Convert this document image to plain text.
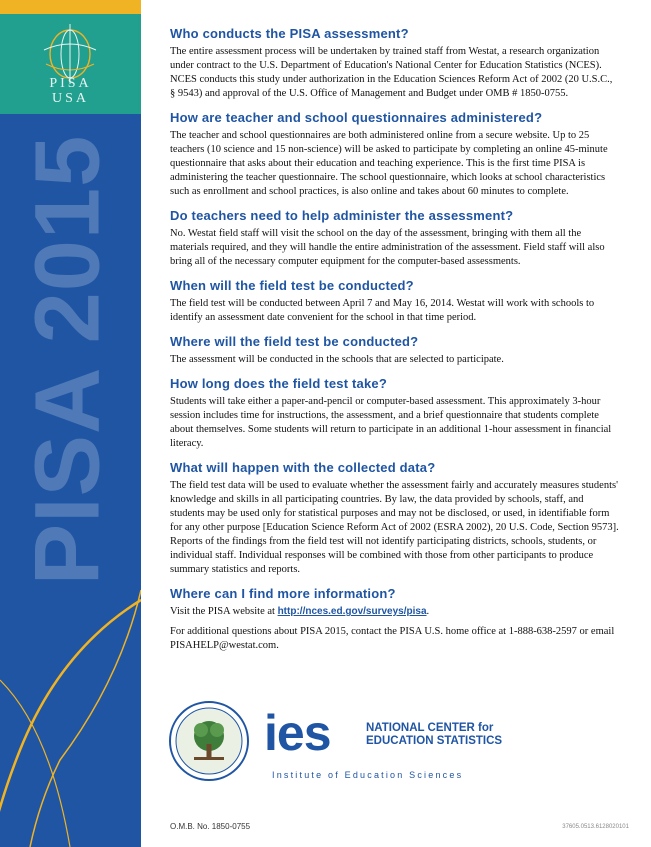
PISA
USA
PISA 2015
Who conducts the PISA assessment?

The entire assessment process will be undertaken by trained staff from Westat, a research organization under contract to the U.S. Department of Education's National Center for Education Statistics (NCES). NCES conducts this study under authorization in the Education Sciences Reform Act of 2002 (20 U.S.C., § 9543) and approval of the U.S. Office of Management and Budget under OMB # 1850-0755.

How are teacher and school questionnaires administered?

The teacher and school questionnaires are both administered online from a secure website. Up to 25 teachers (10 science and 15 non-science) will be asked to participate by completing an online 45-minute questionnaire that asks about their education and teaching experience. This is the first time PISA is administering the teacher questionnaire. The school questionnaire, which looks at school characteristics such as enrollment and school practices, is also online and takes about 60 minutes to complete.

Do teachers need to help administer the assessment?

No. Westat field staff will visit the school on the day of the assessment, bringing with them all the materials required, and they will handle the entire administration of the assessment. Field staff will also bring all of the necessary computer equipment for the computer-based assessments.

When will the field test be conducted?

The field test will be conducted between April 7 and May 16, 2014. Westat will work with schools to identify an assessment date convenient for the school in that time period.

Where will the field test be conducted?

The assessment will be conducted in the schools that are selected to participate.

How long does the field test take?

Students will take either a paper-and-pencil or computer-based assessment. This approximately 3-hour session includes time for instructions, the assessment, and a brief questionnaire that students complete about themselves. Some students will return to participate in an additional 1-hour assessment in financial literacy.

What will happen with the collected data?

The field test data will be used to evaluate whether the assessment fairly and accurately measures students' knowledge and skills in all participating countries. By law, the data provided by schools, staff, and students may be used only for statistical purposes and may not be disclosed, or used, in identifiable form for any other purpose [Education Science Reform Act of 2002 (ESRA 2002), 20 U.S. Code, Section 9573]. Reports of the findings from the field test will not identify participating districts, schools, students, or individual staff. Individual responses will be combined with those from other participants to produce summary statistics and reports.

Where can I find more information?

Visit the PISA website at http://nces.ed.gov/surveys/pisa.

For additional questions about PISA 2015, contact the PISA U.S. home office at 1-888-638-2597 or email PISAHELP@westat.com.

ies	NATIONAL CENTER for
EDUCATION STATISTICS
Institute of Education Sciences
O.M.B. No. 1850-0755	37605.0513.6128020101
